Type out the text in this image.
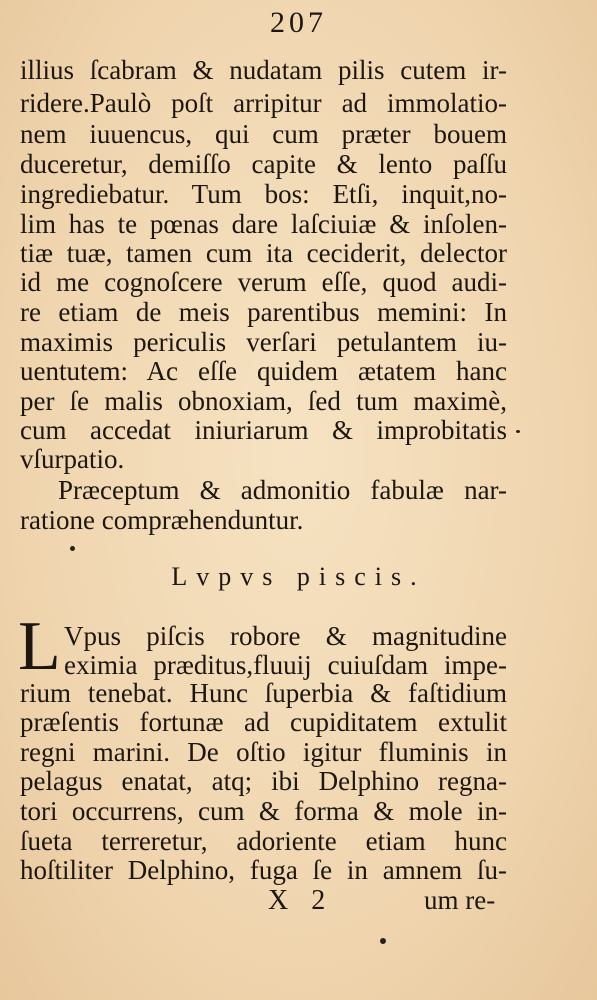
207
illius ſcabram & nudatam pilis cutem ir-
ridere.Paulò poſt arripitur ad immolatio-
nem iuuencus, qui cum præter bouem
duceretur, demiſſo capite & lento paſſu
ingrediebatur. Tum bos: Etſi, inquit,no-
lim has te pœnas dare laſciuiæ & inſolen-
tiæ tuæ, tamen cum ita ceciderit, delector
id me cognoſcere verum eſſe, quod audi-
re etiam de meis parentibus memini: In
maximis periculis verſari petulantem iu-
uentutem: Ac eſſe quidem ætatem hanc
per ſe malis obnoxiam, ſed tum maximè,
cum accedat iniuriarum & improbitatis
vſurpatio.
Præceptum & admonitio fabulæ nar-
ratione compræhenduntur.
Lvpvs piscis.
L Vpus piſcis robore & magnitudine
eximia præditus,fluuij cuiuſdam impe-
rium tenebat. Hunc ſuperbia & faſtidium
præſentis fortunæ ad cupiditatem extulit
regni marini. De oſtio igitur fluminis in
pelagus enatat, atq; ibi Delphino regna-
tori occurrens, cum & forma & mole in-
ſueta terreretur, adoriente etiam hunc
hoſtiliter Delphino, fuga ſe in amnem ſu-
X 2	um re-
